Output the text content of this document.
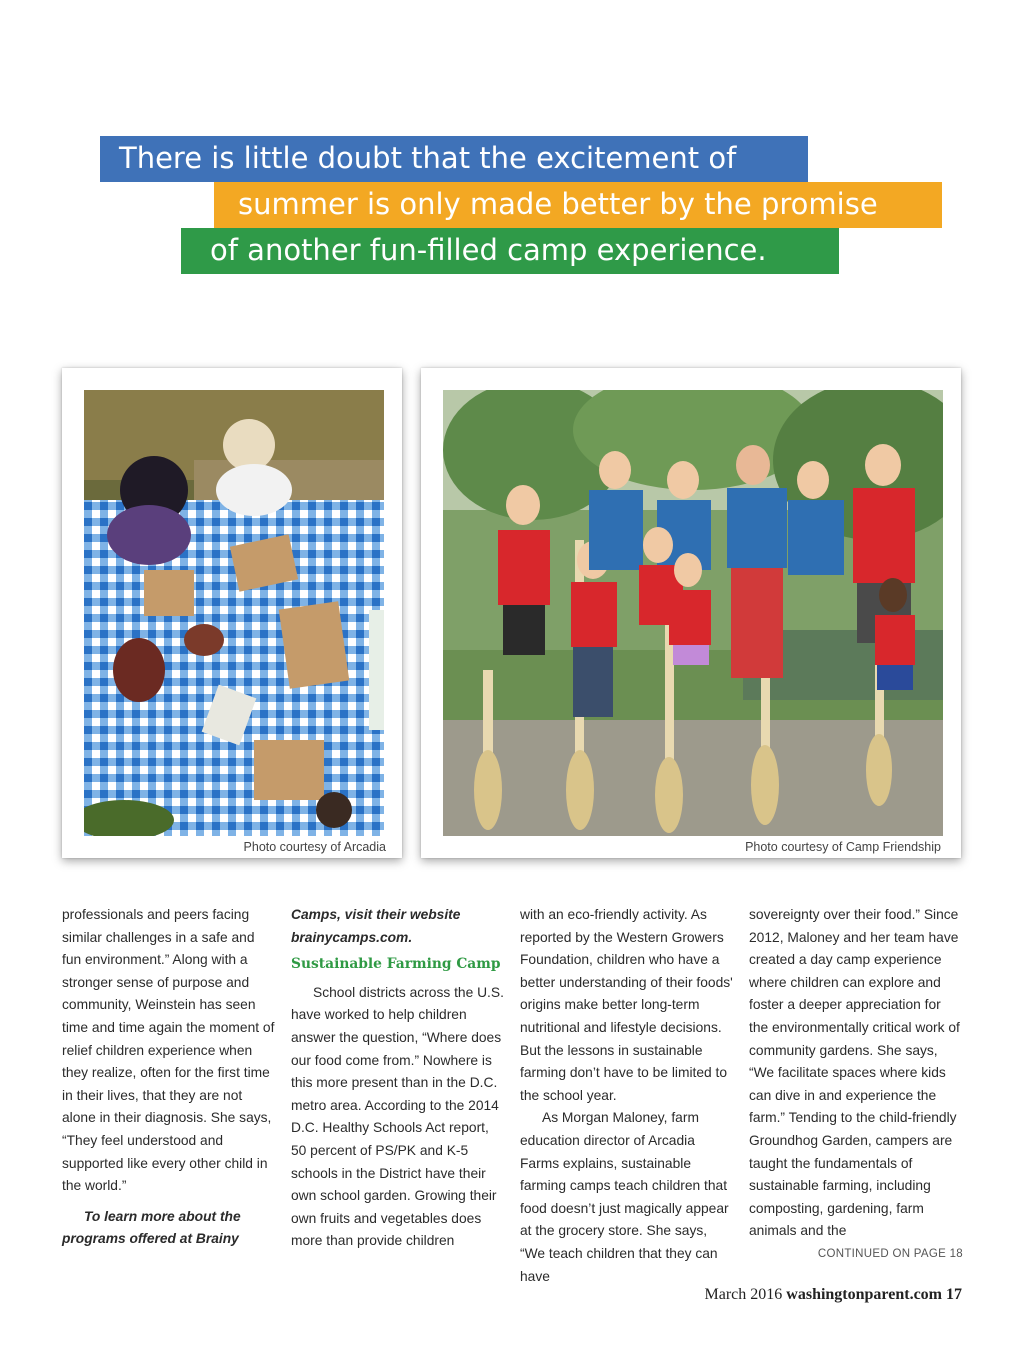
There is little doubt that the excitement of
summer is only made better by the promise
of another fun-filled camp experience.
Photo courtesy of Arcadia	Photo courtesy of Camp Friendship

professionals and peers facing similar challenges in a safe and fun environment.” Along with a stronger sense of purpose and community, Weinstein has seen time and time again the moment of relief children experience when they realize, often for the first time in their lives, that they are not alone in their diagnosis. She says, “They feel understood and supported like every other child in the world.”

To learn more about the programs offered at Brainy

Camps, visit their website brainycamps.com.

Sustainable Farming Camp

School districts across the U.S. have worked to help children answer the question, “Where does our food come from.” Nowhere is this more present than in the D.C. metro area. According to the 2014 D.C. Healthy Schools Act report, 50 percent of PS/PK and K-5 schools in the District have their own school garden. Growing their own fruits and vegetables does more than provide children

with an eco-friendly activity. As reported by the Western Growers Foundation, children who have a better understanding of their foods' origins make better long-term nutritional and lifestyle decisions. But the lessons in sustainable farming don’t have to be limited to the school year.

As Morgan Maloney, farm education director of Arcadia Farms explains, sustainable farming camps teach children that food doesn’t just magically appear at the grocery store. She says, “We teach children that they can have

sovereignty over their food.” Since 2012, Maloney and her team have created a day camp experience where children can explore and foster a deeper appreciation for the environmentally critical work of community gardens. She says, “We facilitate spaces where kids can dive in and experience the farm.” Tending to the child-friendly Groundhog Garden, campers are taught the fundamentals of sustainable farming, including composting, gardening, farm animals and the

CONTINUED ON PAGE 18

March 2016 washingtonparent.com 17
